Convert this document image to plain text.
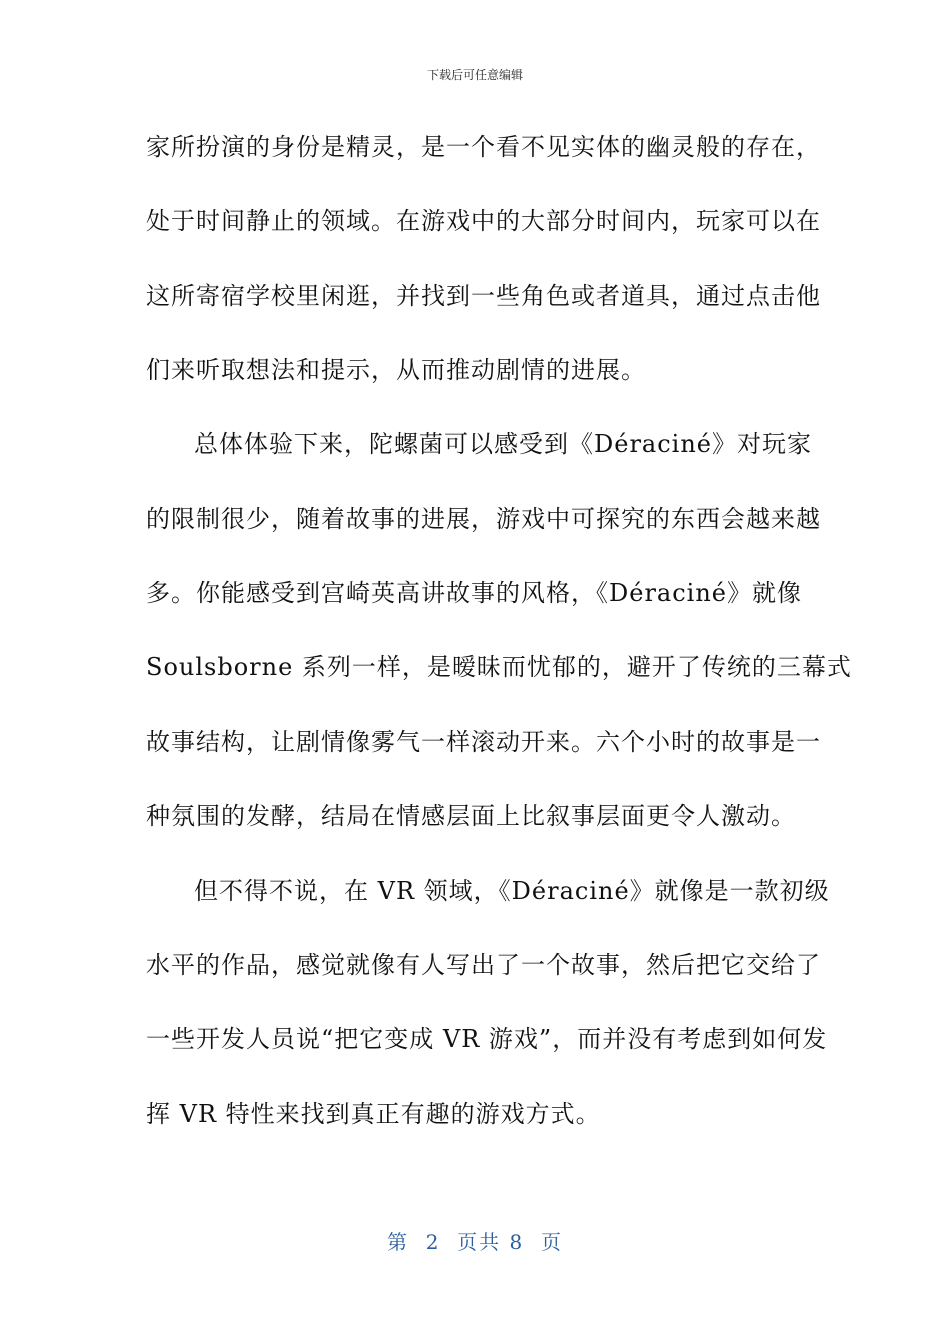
下载后可任意编辑
家所扮演的身份是精灵，是一个看不见实体的幽灵般的存在，
处于时间静止的领域。在游戏中的大部分时间内，玩家可以在
这所寄宿学校里闲逛，并找到一些角色或者道具，通过点击他
们来听取想法和提示，从而推动剧情的进展。
总体体验下来，陀螺菌可以感受到《Déraciné》对玩家
的限制很少，随着故事的进展，游戏中可探究的东西会越来越
多。你能感受到宫崎英高讲故事的风格，《Déraciné》就像
Soulsborne 系列一样，是暧昧而忧郁的，避开了传统的三幕式
故事结构，让剧情像雾气一样滚动开来。六个小时的故事是一
种氛围的发酵，结局在情感层面上比叙事层面更令人激动。
但不得不说，在 VR 领域，《Déraciné》就像是一款初级
水平的作品，感觉就像有人写出了一个故事，然后把它交给了
一些开发人员说“把它变成 VR 游戏”，而并没有考虑到如何发
挥 VR 特性来找到真正有趣的游戏方式。
第  2  页共 8  页
